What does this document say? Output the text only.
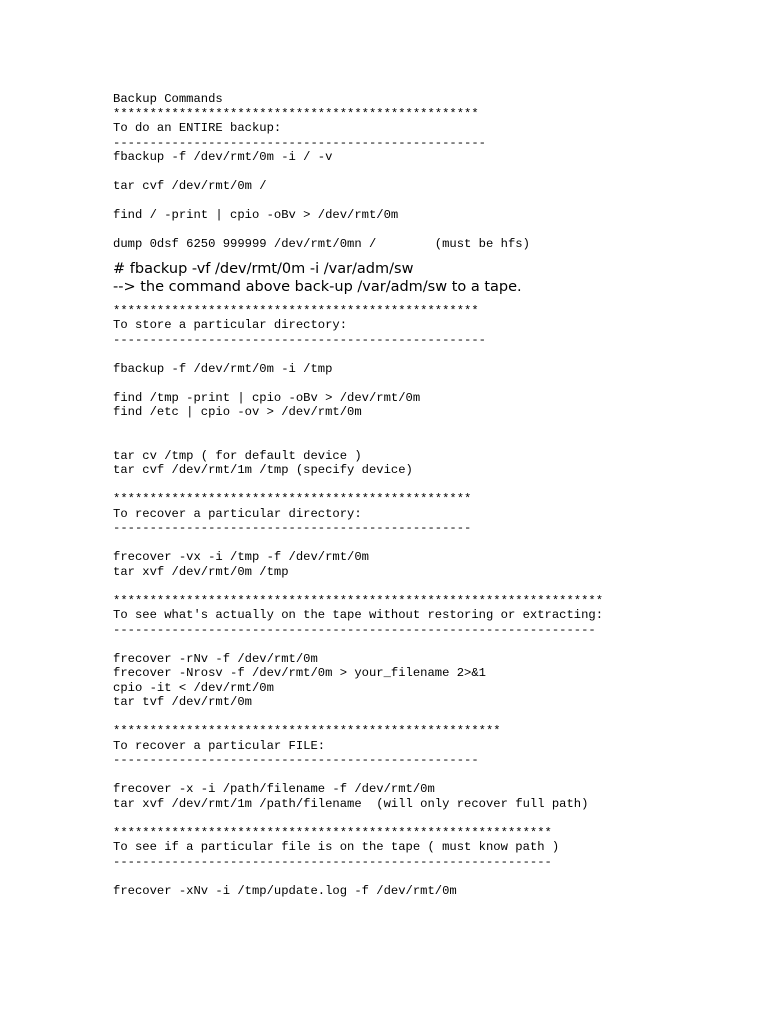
Backup Commands
**************************************************
To do an ENTIRE backup:
---------------------------------------------------
fbackup -f /dev/rmt/0m -i / -v
tar cvf /dev/rmt/0m /
find / -print | cpio -oBv > /dev/rmt/0m
dump 0dsf 6250 999999 /dev/rmt/0mn /        (must be hfs)
# fbackup -vf /dev/rmt/0m -i /var/adm/sw
--> the command above back-up /var/adm/sw to a tape.
**************************************************
To store a particular directory:
---------------------------------------------------
fbackup -f /dev/rmt/0m -i /tmp
find /tmp -print | cpio -oBv > /dev/rmt/0m
find /etc | cpio -ov > /dev/rmt/0m
tar cv /tmp ( for default device )
tar cvf /dev/rmt/1m /tmp (specify device)
*************************************************
To recover a particular directory:
-------------------------------------------------
frecover -vx -i /tmp -f /dev/rmt/0m
tar xvf /dev/rmt/0m /tmp
*******************************************************************
To see what's actually on the tape without restoring or extracting:
------------------------------------------------------------------
frecover -rNv -f /dev/rmt/0m
frecover -Nrosv -f /dev/rmt/0m > your_filename 2>&1
cpio -it < /dev/rmt/0m
tar tvf /dev/rmt/0m
*****************************************************
To recover a particular FILE:
--------------------------------------------------
frecover -x -i /path/filename -f /dev/rmt/0m
tar xvf /dev/rmt/1m /path/filename  (will only recover full path)
************************************************************
To see if a particular file is on the tape ( must know path )
------------------------------------------------------------
frecover -xNv -i /tmp/update.log -f /dev/rmt/0m
